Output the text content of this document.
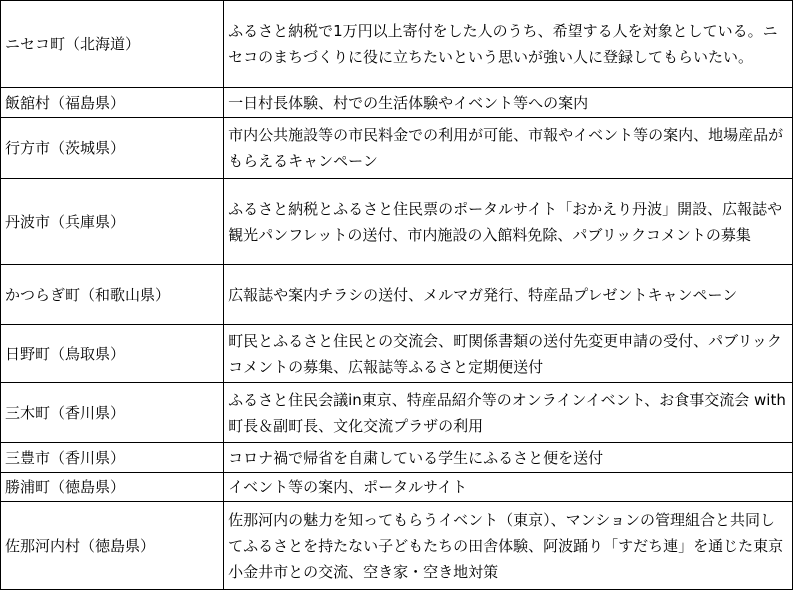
ニセコ町（北海道）	ふるさと納税で1万円以上寄付をした人のうち、希望する人を対象としている。ニセコのまちづくりに役に立ちたいという思いが強い人に登録してもらいたい。
飯舘村（福島県）	一日村長体験、村での生活体験やイベント等への案内
行方市（茨城県）	市内公共施設等の市民料金での利用が可能、市報やイベント等の案内、地場産品がもらえるキャンペーン
丹波市（兵庫県）	ふるさと納税とふるさと住民票のポータルサイト「おかえり丹波」開設、広報誌や観光パンフレットの送付、市内施設の入館料免除、パブリックコメントの募集
かつらぎ町（和歌山県）	広報誌や案内チラシの送付、メルマガ発行、特産品プレゼントキャンペーン
日野町（鳥取県）	町民とふるさと住民との交流会、町関係書類の送付先変更申請の受付、パブリックコメントの募集、広報誌等ふるさと定期便送付
三木町（香川県）	ふるさと住民会議in東京、特産品紹介等のオンラインイベント、お食事交流会 with町長＆副町長、文化交流プラザの利用
三豊市（香川県）	コロナ禍で帰省を自粛している学生にふるさと便を送付
勝浦町（徳島県）	イベント等の案内、ポータルサイト
佐那河内村（徳島県）	佐那河内の魅力を知ってもらうイベント（東京）、マンションの管理組合と共同してふるさとを持たない子どもたちの田舎体験、阿波踊り「すだち連」を通じた東京小金井市との交流、空き家・空き地対策
